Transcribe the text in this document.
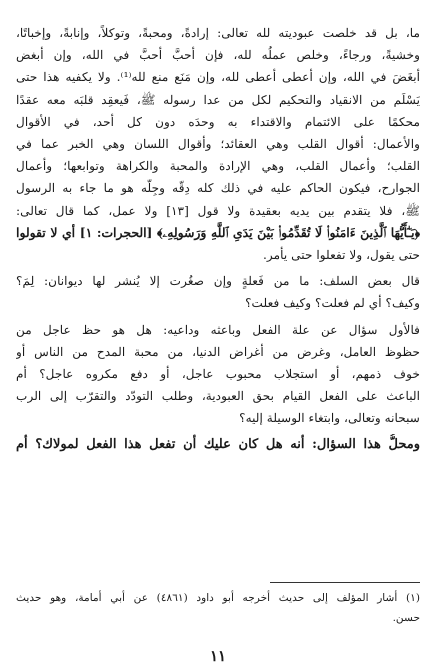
ما، بل قد خلصت عبوديته لله تعالى: إرادةً، ومحبةً، وتوكلاً، وإنابةً، وإخباتًا،
وخشيةً، ورجاءً، وخلص عملُه لله، فإن أحبَّ أحبَّ في الله، وإن أبغض
أبغَضَ في الله، وإن أعطى أعطى لله، وإن مَنَع منع لله⁽¹⁾. ولا يكفيه هذا حتى
يَسْلَم من الانقياد والتحكيم لكل من عدا رسوله ﷺ، فَيعقِد قلبَه معه عقدًا
محكمًا على الائتمام والاقتداء به وحدَه دون كل أحد، في الأقوال
والأعمال: أقوال القلب وهي العقائد؛ وأقوال اللسان وهي الخبر عما في
القلب؛ وأعمال القلب، وهي الإرادة والمحبة والكراهة وتوابعها؛ وأعمال
الجوارح، فيكون الحاكم عليه في ذلك كله دِقّه وجِلّه هو ما جاء به الرسول
ﷺ، فلا يتقدم بين يديه بعقيدة ولا قول [١٣] ولا عمل، كما قال تعالى:
﴿يَـٰٓأَيُّهَا ٱلَّذِينَ ءَامَنُوا۟ لَا تُقَدِّمُوا۟ بَيْنَ يَدَىِ ٱللَّهِ وَرَسُولِهِۦ﴾ [الحجرات: ١] أي لا تقولوا
حتى يقول، ولا تفعلوا حتى يأمر.

قال بعض السلف: ما من فَعلةٍ وإن صغُرت إلا يُنشر لها ديوانان: لِمَ؟
وكيف؟ أي لم فعلت؟ وكيف فعلت؟

فالأول سؤال عن علة الفعل وباعثه وداعيه: هل هو حظ عاجل من
حظوظ العامل، وغرض من أغراض الدنيا، من محبة المدح من الناس أو
خوف ذمهم، أو استجلاب محبوب عاجل، أو دفع مكروه عاجل؟ أم
الباعث على الفعل القيام بحق العبودية، وطلب التودّد والتقرّب إلى الرب
سبحانه وتعالى، وابتغاء الوسيلة إليه؟

ومحلُّ هذا السؤال: أنه هل كان عليك أن تفعل هذا الفعل لمولاك؟ أم

(١) أشار المؤلف إلى حديث أخرجه أبو داود (٤٨٦١) عن أبي أمامة، وهو حديث
حسن.
١١
